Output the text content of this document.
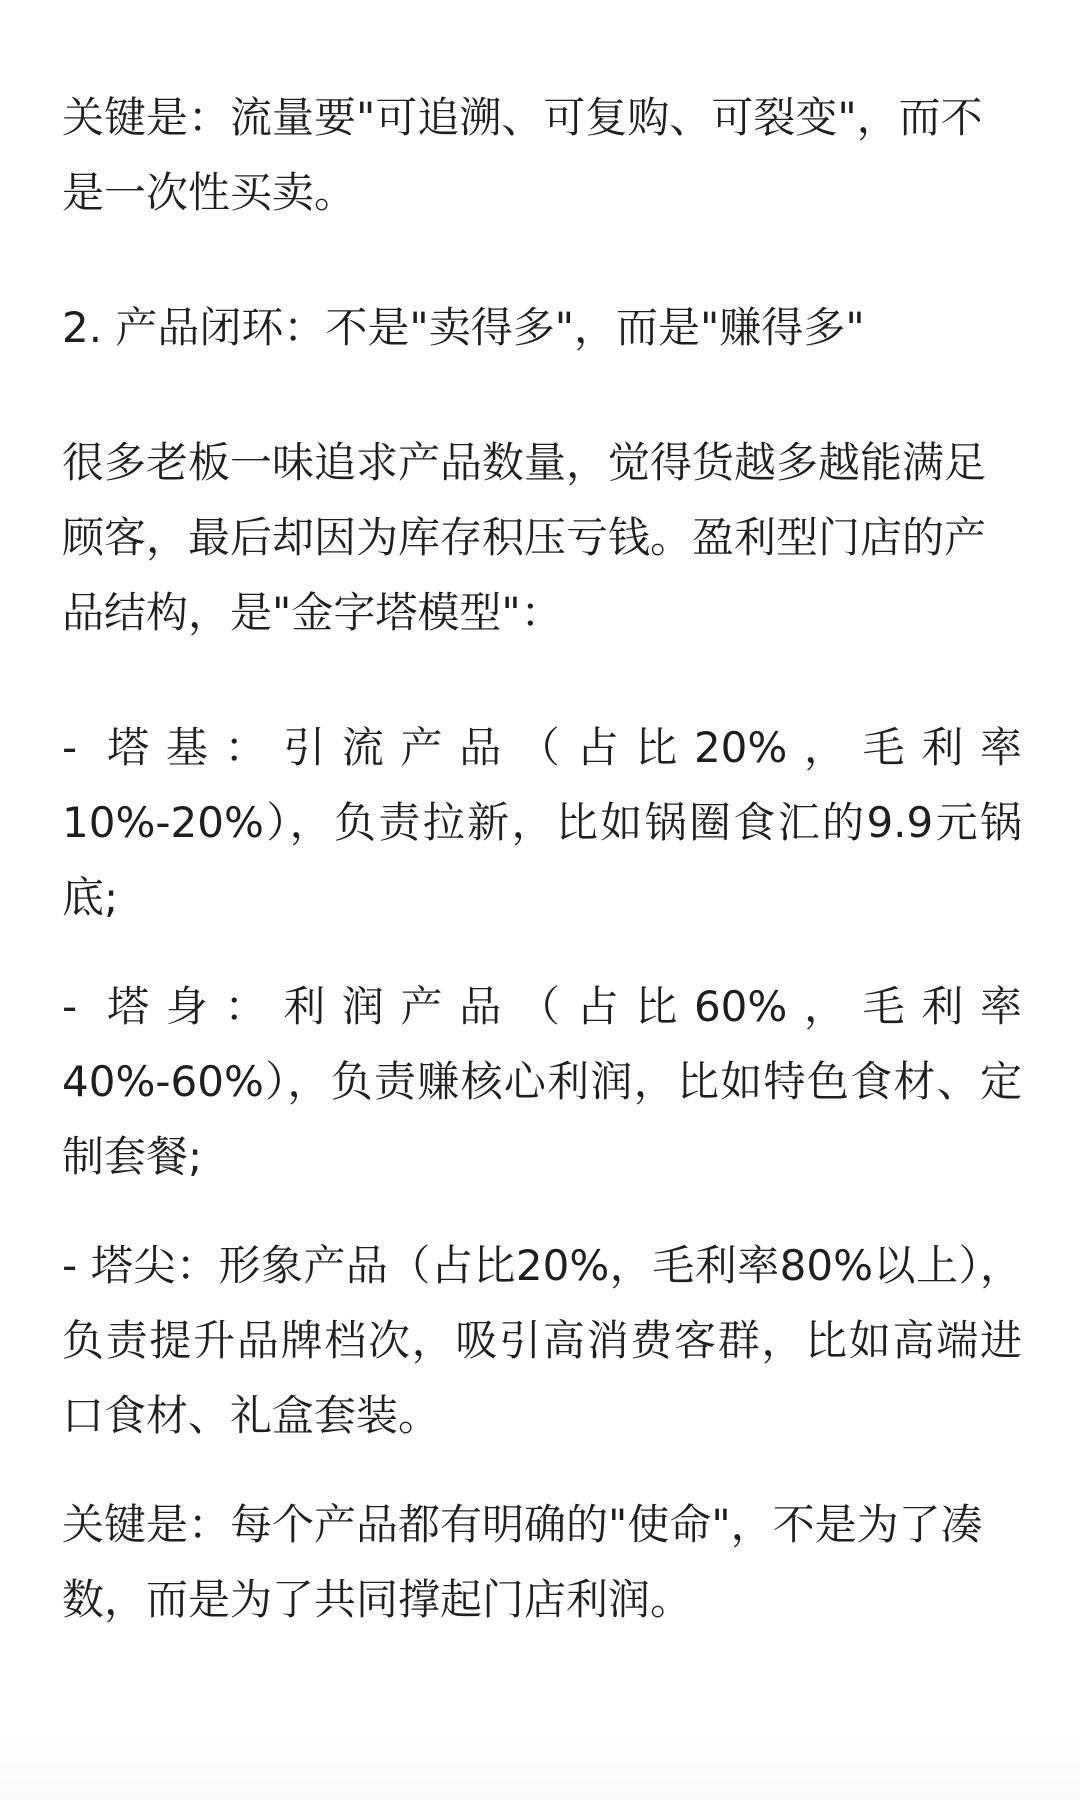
关键是：流量要"可追溯、可复购、可裂变"，而不是一次性买卖。

2. 产品闭环：不是"卖得多"，而是"赚得多"

很多老板一味追求产品数量，觉得货越多越能满足顾客，最后却因为库存积压亏钱。盈利型门店的产品结构，是"金字塔模型"：

- 塔基：引流产品（占比20%，毛利率10%-20%），负责拉新，比如锅圈食汇的9.9元锅底;

- 塔身：利润产品（占比60%，毛利率40%-60%），负责赚核心利润，比如特色食材、定制套餐;

- 塔尖：形象产品（占比20%，毛利率80%以上），负责提升品牌档次，吸引高消费客群，比如高端进口食材、礼盒套装。

关键是：每个产品都有明确的"使命"，不是为了凑数，而是为了共同撑起门店利润。
